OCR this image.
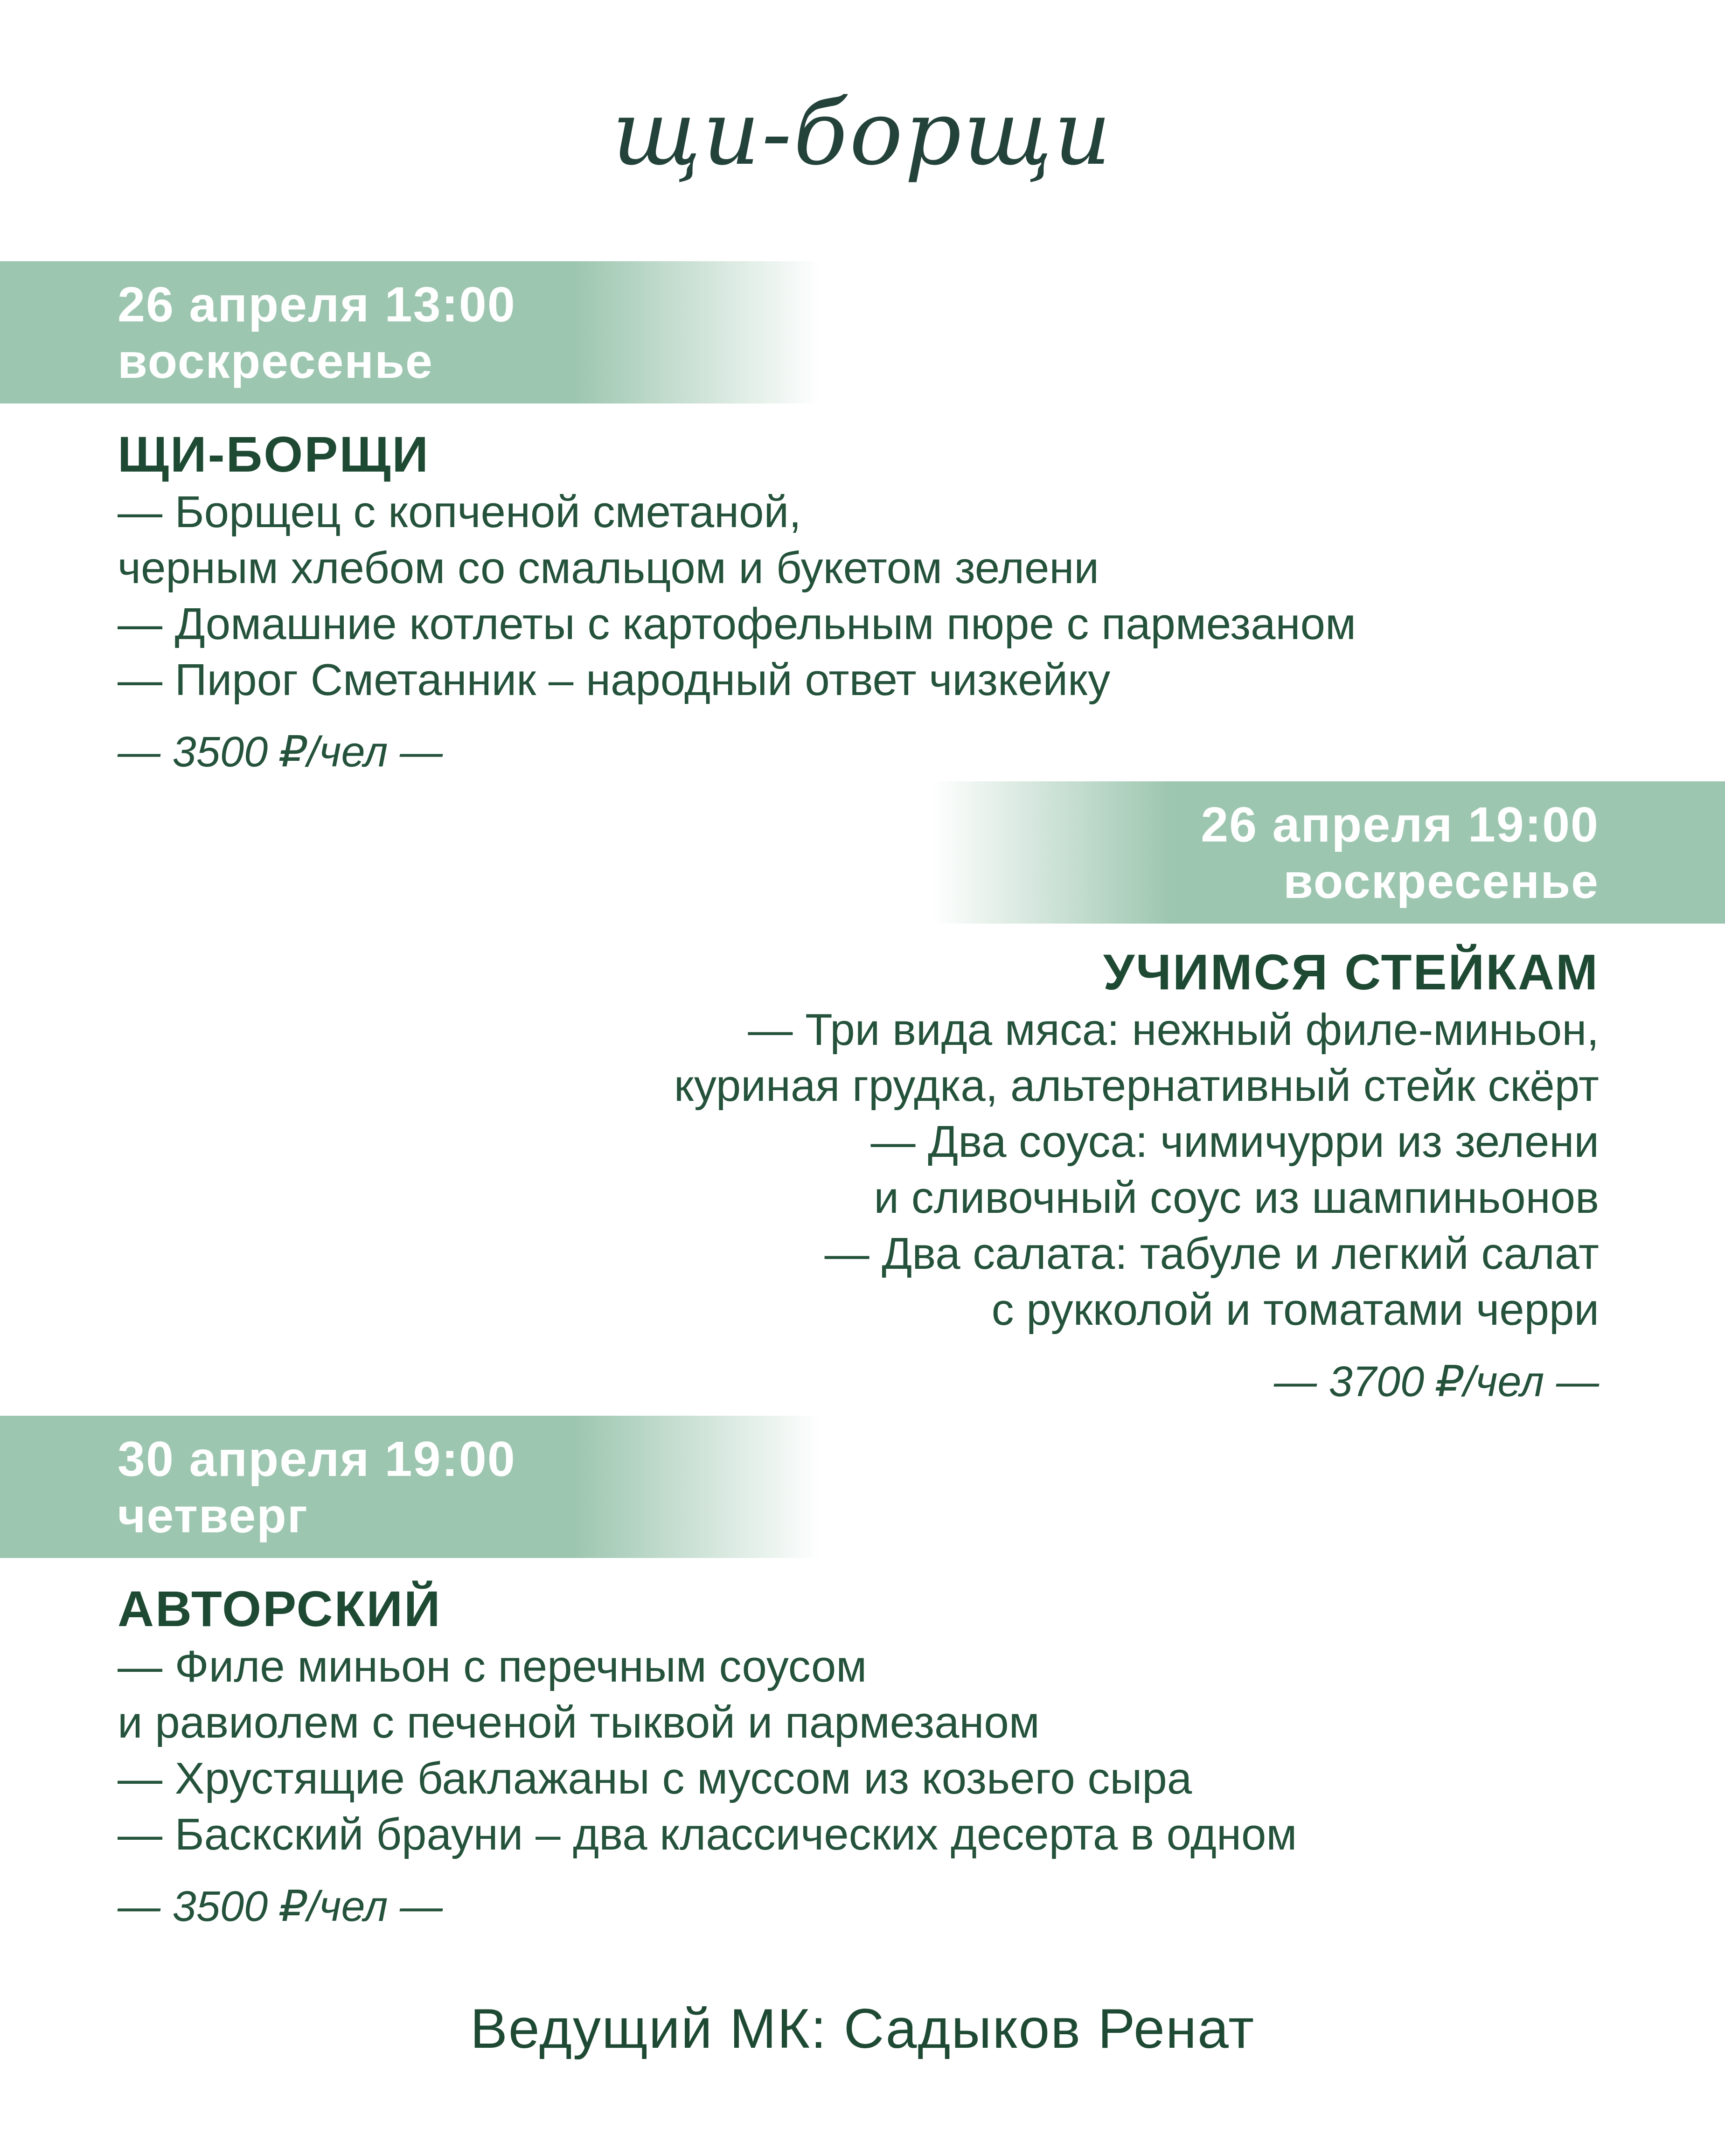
щи-борщи
26 апреля 13:00
воскресенье
ЩИ-БОРЩИ
— Борщец с копченой сметаной,
черным хлебом со смальцом и букетом зелени
— Домашние котлеты с картофельным пюре с пармезаном
— Пирог Сметанник – народный ответ чизкейку
— 3500 ₽/чел —
26 апреля 19:00
воскресенье
УЧИМСЯ СТЕЙКАМ
— Три вида мяса: нежный филе-миньон,
куриная грудка, альтернативный стейк скёрт
— Два соуса: чимичурри из зелени
и сливочный соус из шампиньонов
— Два салата: табуле и легкий салат
с рукколой и томатами черри
— 3700 ₽/чел —
30 апреля 19:00
четверг
АВТОРСКИЙ
— Филе миньон с перечным соусом
и равиолем с печеной тыквой и пармезаном
— Хрустящие баклажаны с муссом из козьего сыра
— Баскский брауни – два классических десерта в одном
— 3500 ₽/чел —
Ведущий МК: Садыков Ренат
